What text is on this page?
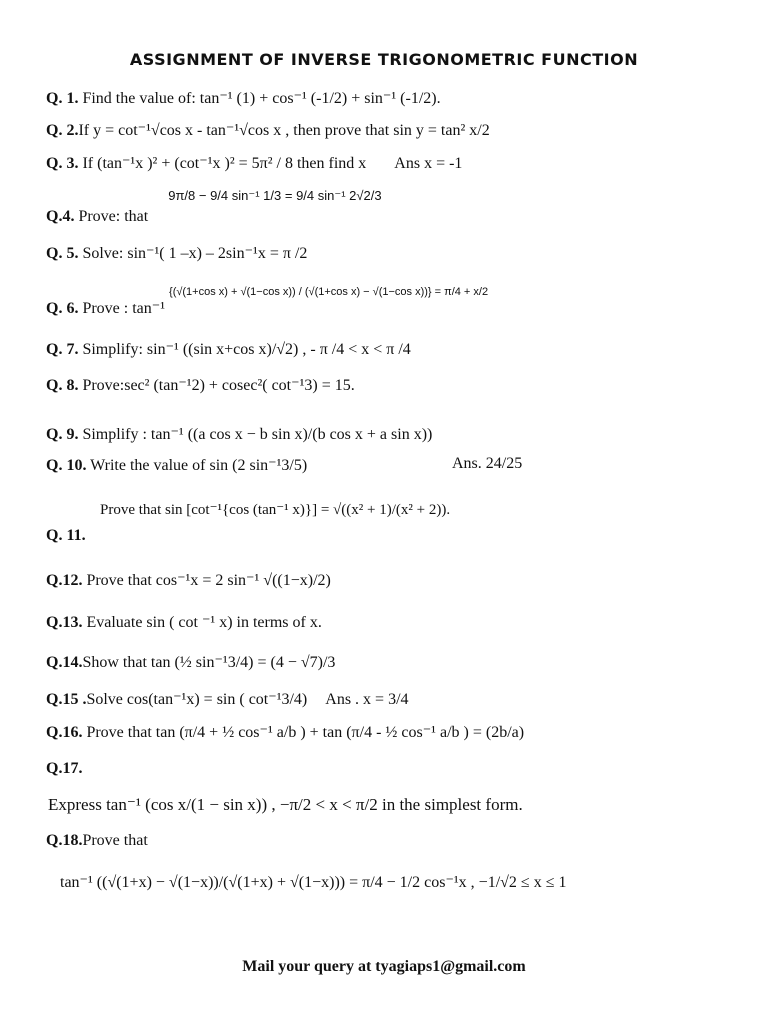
ASSIGNMENT OF INVERSE TRIGONOMETRIC FUNCTION
Q. 1. Find the value of: tan⁻¹ (1) + cos⁻¹ (-1/2) + sin⁻¹ (-1/2).
Q. 2.If y = cot⁻¹√cos x - tan⁻¹√cos x , then prove that sin y = tan² x/2
Q. 3. If (tan⁻¹x )² + (cot⁻¹x )² = 5π² / 8 then find x Ans x = -1
Q.4. Prove: that 9π/8 − 9/4 sin⁻¹ 1/3 = 9/4 sin⁻¹ 2√2/3
Q. 5. Solve: sin⁻¹( 1 –x) – 2sin⁻¹x = π /2
Q. 6. Prove : tan⁻¹ {(√(1+cos x) + √(1−cos x)) / (√(1+cos x) − √(1−cos x))} = π/4 + x/2
Q. 7. Simplify: sin⁻¹ ((sin x+cos x)/√2) , - π /4 < x < π /4
Q. 8. Prove:sec² (tan⁻¹2) + cosec²( cot⁻¹3) = 15.
Q. 9. Simplify : tan⁻¹ ((a cos x − b sin x)/(b cos x + a sin x))
Q. 10. Write the value of sin (2 sin⁻¹3/5)	Ans. 24/25
Prove that sin [cot⁻¹{cos (tan⁻¹ x)}] = √((x² + 1)/(x² + 2)).
Q. 11.
Q.12. Prove that cos⁻¹x = 2 sin⁻¹ √((1−x)/2)
Q.13. Evaluate sin ( cot ⁻¹ x) in terms of x.
Q.14.Show that tan (½ sin⁻¹3/4) = (4 − √7)/3
Q.15 .Solve cos(tan⁻¹x) = sin ( cot⁻¹3/4) Ans . x = 3/4
Q.16. Prove that tan (π/4 + ½ cos⁻¹ a/b ) + tan (π/4 - ½ cos⁻¹ a/b ) = (2b/a)
Q.17.
Express tan⁻¹ (cos x/(1 − sin x)) , −π/2 < x < π/2 in the simplest form.
Q.18.Prove that
tan⁻¹ ((√(1+x) − √(1−x))/(√(1+x) + √(1−x))) = π/4 − 1/2 cos⁻¹x , −1/√2 ≤ x ≤ 1
Mail your query at tyagiaps1@gmail.com
